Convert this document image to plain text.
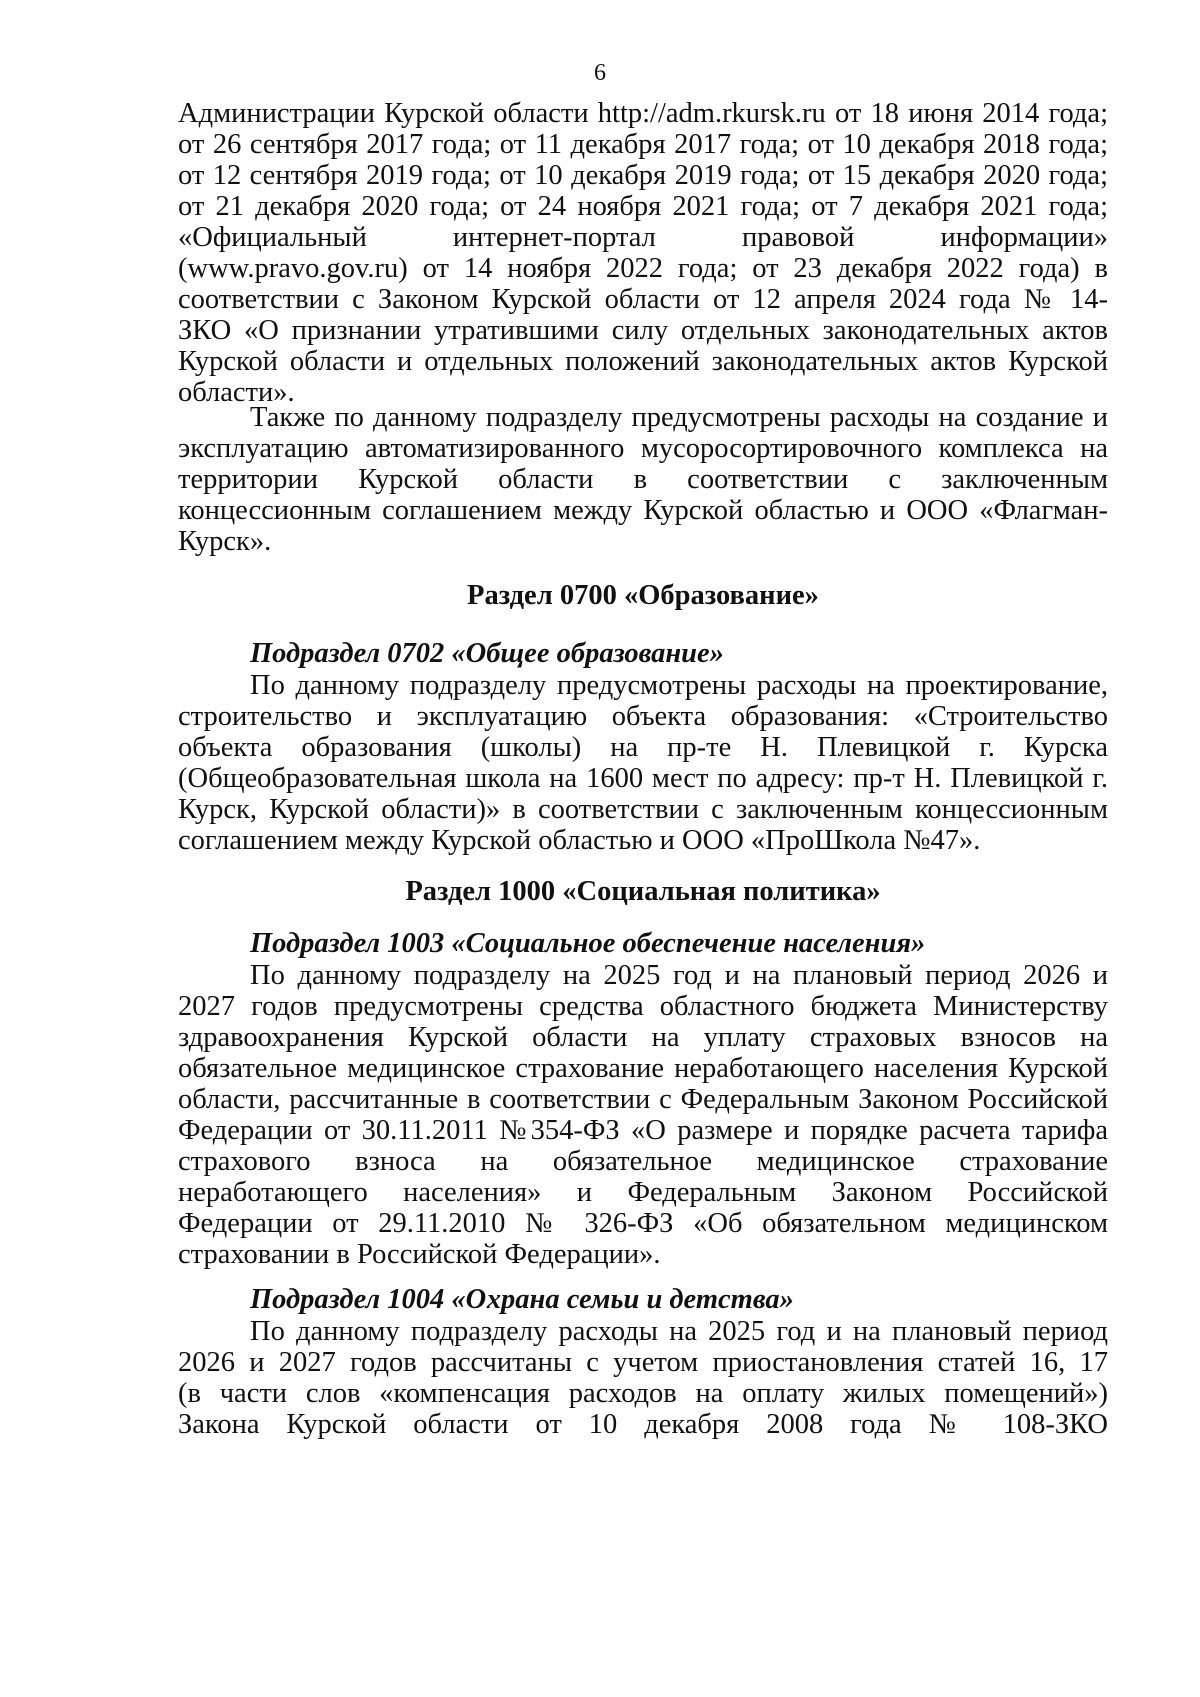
6
Администрации Курской области http://adm.rkursk.ru от 18 июня 2014 года;
от 26 сентября 2017 года; от 11 декабря 2017 года; от 10 декабря 2018 года;
от 12 сентября 2019 года; от 10 декабря 2019 года; от 15 декабря 2020 года;
от 21 декабря 2020 года; от 24 ноября 2021 года; от 7 декабря 2021 года;
«Официальный интернет-портал правовой информации»
(www.pravo.gov.ru) от 14 ноября 2022 года; от 23 декабря 2022 года) в
соответствии с Законом Курской области от 12 апреля 2024 года № 14-
ЗКО «О признании утратившими силу отдельных законодательных актов
Курской области и отдельных положений законодательных актов Курской
области».
Также по данному подразделу предусмотрены расходы на создание и
эксплуатацию автоматизированного мусоросортировочного комплекса на
территории Курской области в соответствии с заключенным
концессионным соглашением между Курской областью и ООО «Флагман-
Курск».
Раздел 0700 «Образование»
Подраздел 0702 «Общее образование»
По данному подразделу предусмотрены расходы на проектирование,
строительство и эксплуатацию объекта образования: «Строительство
объекта образования (школы) на пр-те Н. Плевицкой г. Курска
(Общеобразовательная школа на 1600 мест по адресу: пр-т Н. Плевицкой г.
Курск, Курской области)» в соответствии с заключенным концессионным
соглашением между Курской областью и ООО «ПроШкола №47».
Раздел 1000 «Социальная политика»
Подраздел 1003 «Социальное обеспечение населения»
По данному подразделу на 2025 год и на плановый период 2026 и
2027 годов предусмотрены средства областного бюджета Министерству
здравоохранения Курской области на уплату страховых взносов на
обязательное медицинское страхование неработающего населения Курской
области, рассчитанные в соответствии с Федеральным Законом Российской
Федерации от 30.11.2011 №354-ФЗ «О размере и порядке расчета тарифа
страхового взноса на обязательное медицинское страхование
неработающего населения» и Федеральным Законом Российской
Федерации от 29.11.2010 № 326-ФЗ «Об обязательном медицинском
страховании в Российской Федерации».
Подраздел 1004 «Охрана семьи и детства»
По данному подразделу расходы на 2025 год и на плановый период
2026 и 2027 годов рассчитаны с учетом приостановления статей 16, 17
(в части слов «компенсация расходов на оплату жилых помещений»)
Закона Курской области от 10 декабря 2008 года № 108-ЗКО
